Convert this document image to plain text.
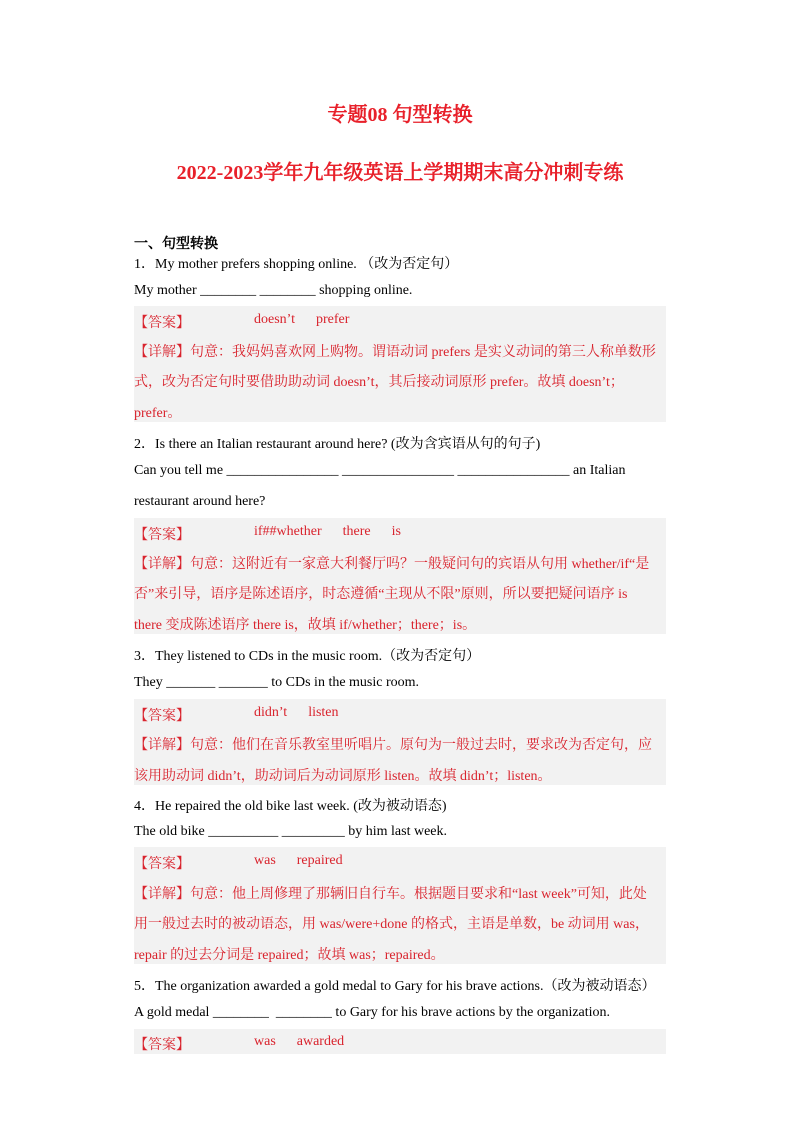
专题08 句型转换
2022-2023学年九年级英语上学期期末高分冲刺专练
一、句型转换
1．My mother prefers shopping online. （改为否定句）
My mother ________ ________ shopping online.
【答案】	doesn’t      prefer
【详解】句意：我妈妈喜欢网上购物。谓语动词 prefers 是实义动词的第三人称单数形
式，改为否定句时要借助助动词 doesn’t，其后接动词原形 prefer。故填 doesn’t；
prefer。
2．Is there an Italian restaurant around here? (改为含宾语从句的句子)
Can you tell me ________________ ________________ ________________ an Italian
restaurant around here?
【答案】	if##whether      there      is
【详解】句意：这附近有一家意大利餐厅吗？一般疑问句的宾语从句用 whether/if“是
否”来引导，语序是陈述语序，时态遵循“主现从不限”原则，所以要把疑问语序 is
there 变成陈述语序 there is，故填 if/whether；there；is。
3．They listened to CDs in the music room.（改为否定句）
They _______ _______ to CDs in the music room.
【答案】	didn’t      listen
【详解】句意：他们在音乐教室里听唱片。原句为一般过去时，要求改为否定句，应
该用助动词 didn’t，助动词后为动词原形 listen。故填 didn’t；listen。
4．He repaired the old bike last week. (改为被动语态)
The old bike __________ _________ by him last week.
【答案】	was      repaired
【详解】句意：他上周修理了那辆旧自行车。根据题目要求和“last week”可知，此处
用一般过去时的被动语态，用 was/were+done 的格式，主语是单数，be 动词用 was，
repair 的过去分词是 repaired；故填 was；repaired。
5．The organization awarded a gold medal to Gary for his brave actions.（改为被动语态）
A gold medal ________  ________ to Gary for his brave actions by the organization.
【答案】	was      awarded
